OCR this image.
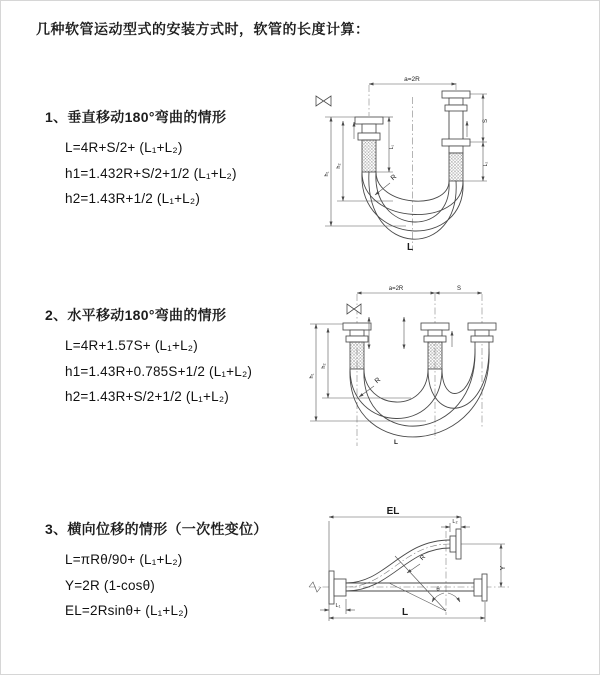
几种软管运动型式的安装方式时，软管的长度计算：
1、垂直移动180°弯曲的情形
L=4R+S/2+ (L₁+L₂)
h1=1.432R+S/2+1/2 (L₁+L₂)
h2=1.43R+1/2 (L₁+L₂)
2、水平移动180°弯曲的情形
L=4R+1.57S+ (L₁+L₂)
h1=1.43R+0.785S+1/2 (L₁+L₂)
h2=1.43R+S/2+1/2 (L₁+L₂)
3、横向位移的情形（一次性变位）
L=πRθ/90+ (L₁+L₂)
Y=2R (1-cosθ)
EL=2Rsinθ+ (L₁+L₂)
a=2R
R
h₁
h₂
L₁
S
L₂
L
a=2R	S
R
h₁
h₂
L
EL
L₂
Y
R
θ
L₁
L
